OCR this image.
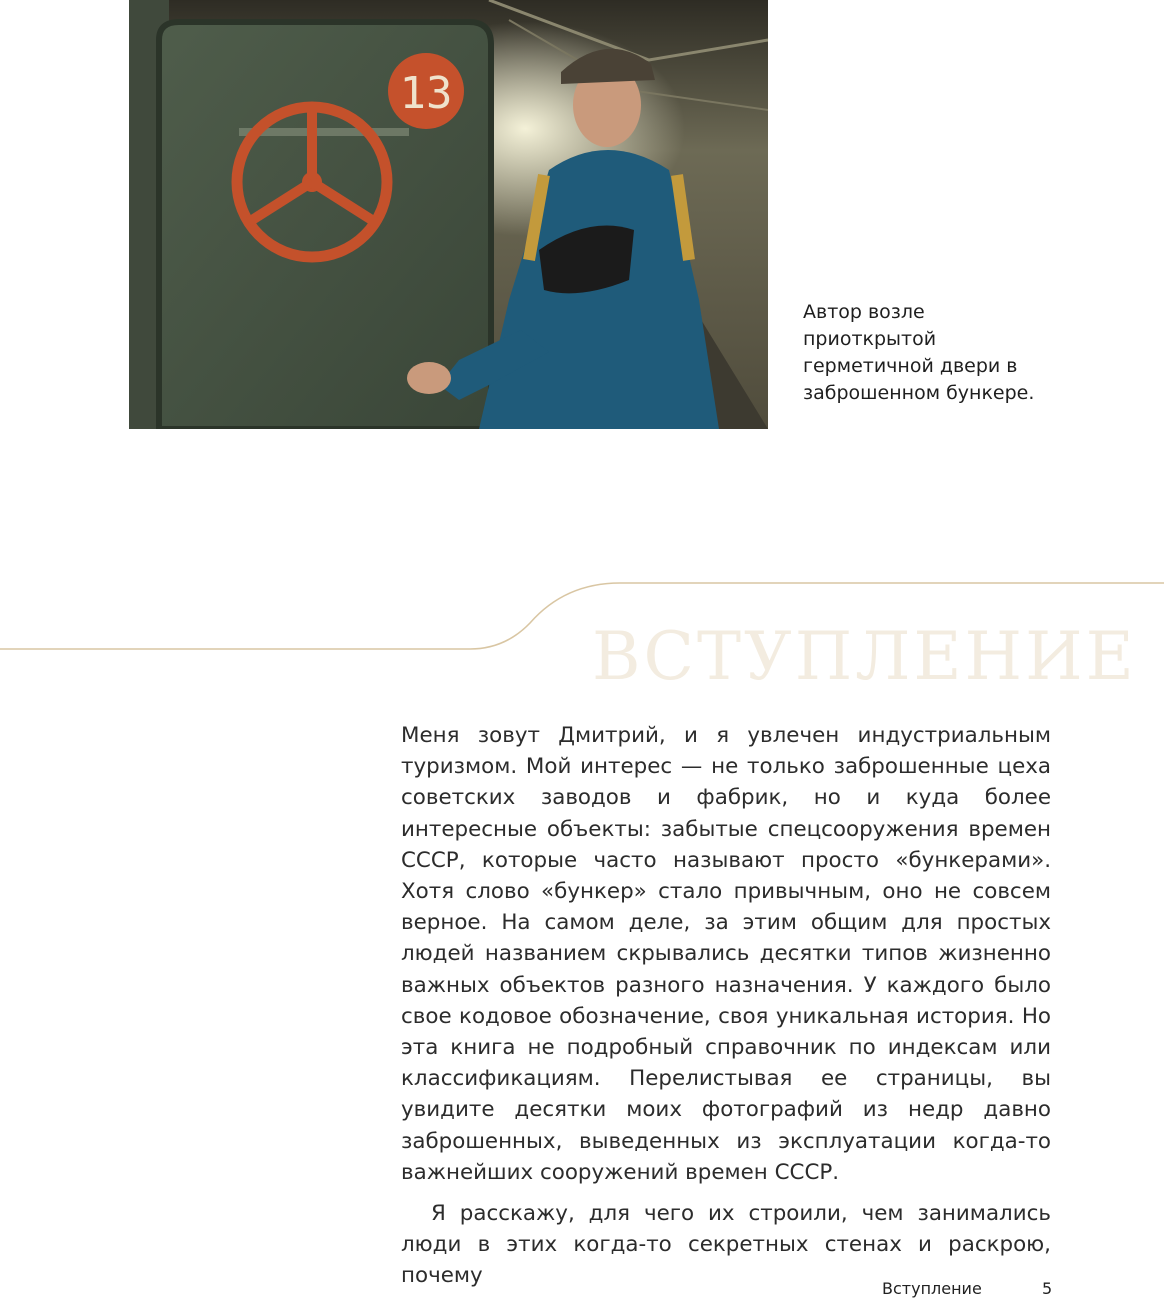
13
Автор возле приоткрытой герметичной двери в заброшенном бункере.
ВСТУПЛЕНИЕ

Меня зовут Дмитрий, и я увлечен индустриальным туризмом. Мой интерес — не только заброшенные цеха советских заводов и фабрик, но и куда более интересные объекты: забытые спецсооружения времен СССР, которые часто называют просто «бункерами». Хотя слово «бункер» стало привычным, оно не совсем верное. На самом деле, за этим общим для простых людей названием скрывались десятки типов жизненно важных объектов разного назначения. У каждого было свое кодовое обозначение, своя уникальная история. Но эта книга не подробный справочник по индексам или классификациям. Перелистывая ее страницы, вы увидите десятки моих фотографий из недр давно заброшенных, выведенных из эксплуатации когда-то важнейших сооружений времен СССР.

Я расскажу, для чего их строили, чем занимались люди в этих когда-то секретных стенах и раскрою, почему

Вступление	5
